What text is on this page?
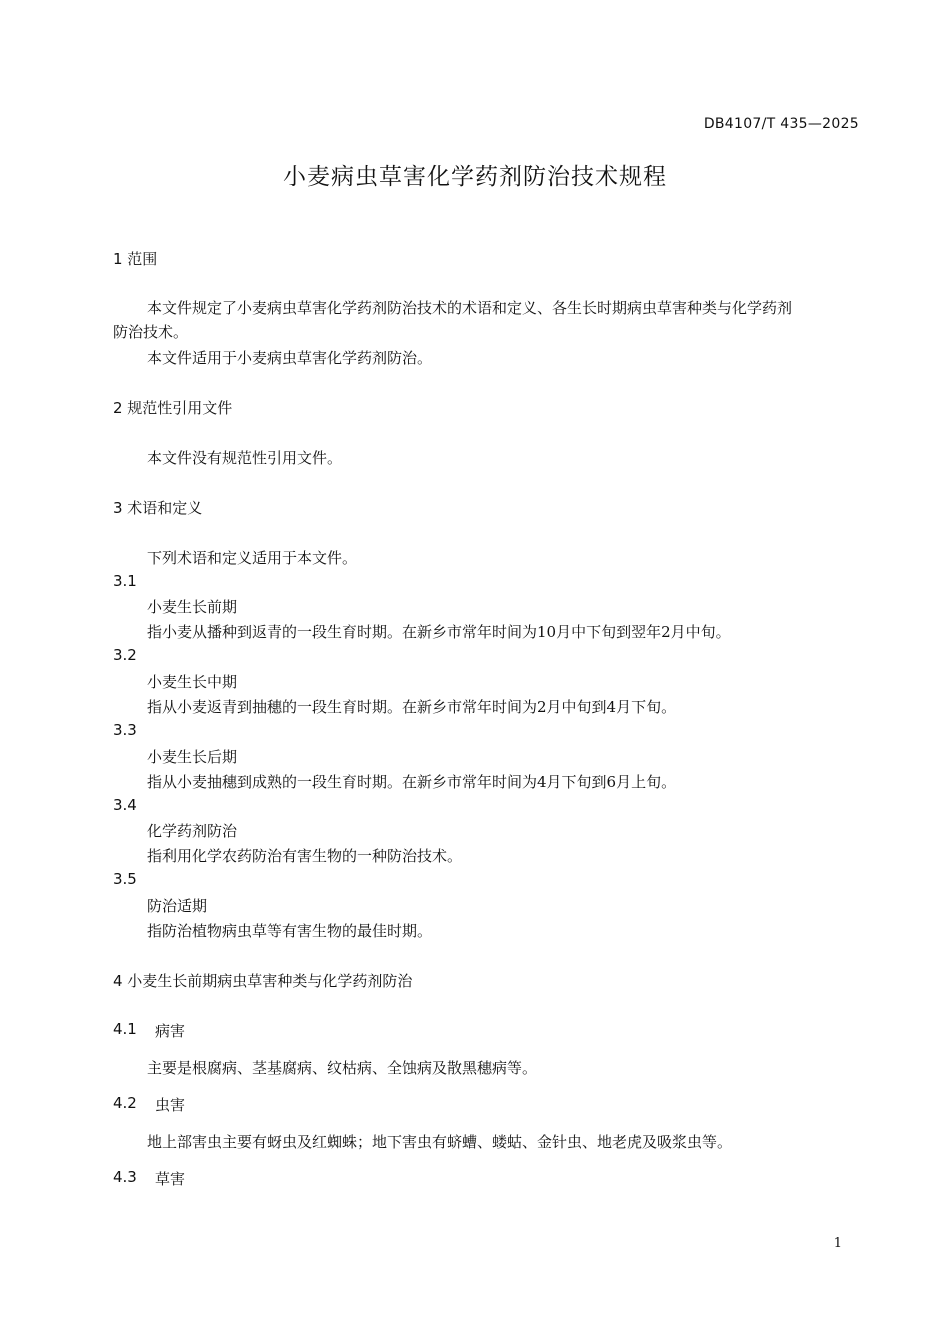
DB4107/T 435—2025
小麦病虫草害化学药剂防治技术规程
1 范围
本文件规定了小麦病虫草害化学药剂防治技术的术语和定义、各生长时期病虫草害种类与化学药剂
防治技术。
本文件适用于小麦病虫草害化学药剂防治。
2 规范性引用文件
本文件没有规范性引用文件。
3 术语和定义
下列术语和定义适用于本文件。
3.1
小麦生长前期
指小麦从播种到返青的一段生育时期。在新乡市常年时间为10月中下旬到翌年2月中旬。
3.2
小麦生长中期
指从小麦返青到抽穗的一段生育时期。在新乡市常年时间为2月中旬到4月下旬。
3.3
小麦生长后期
指从小麦抽穗到成熟的一段生育时期。在新乡市常年时间为4月下旬到6月上旬。
3.4
化学药剂防治
指利用化学农药防治有害生物的一种防治技术。
3.5
防治适期
指防治植物病虫草等有害生物的最佳时期。
4 小麦生长前期病虫草害种类与化学药剂防治
4.1 病害
主要是根腐病、茎基腐病、纹枯病、全蚀病及散黑穗病等。
4.2 虫害
地上部害虫主要有蚜虫及红蜘蛛；地下害虫有蛴螬、蝼蛄、金针虫、地老虎及吸浆虫等。
4.3 草害
1
